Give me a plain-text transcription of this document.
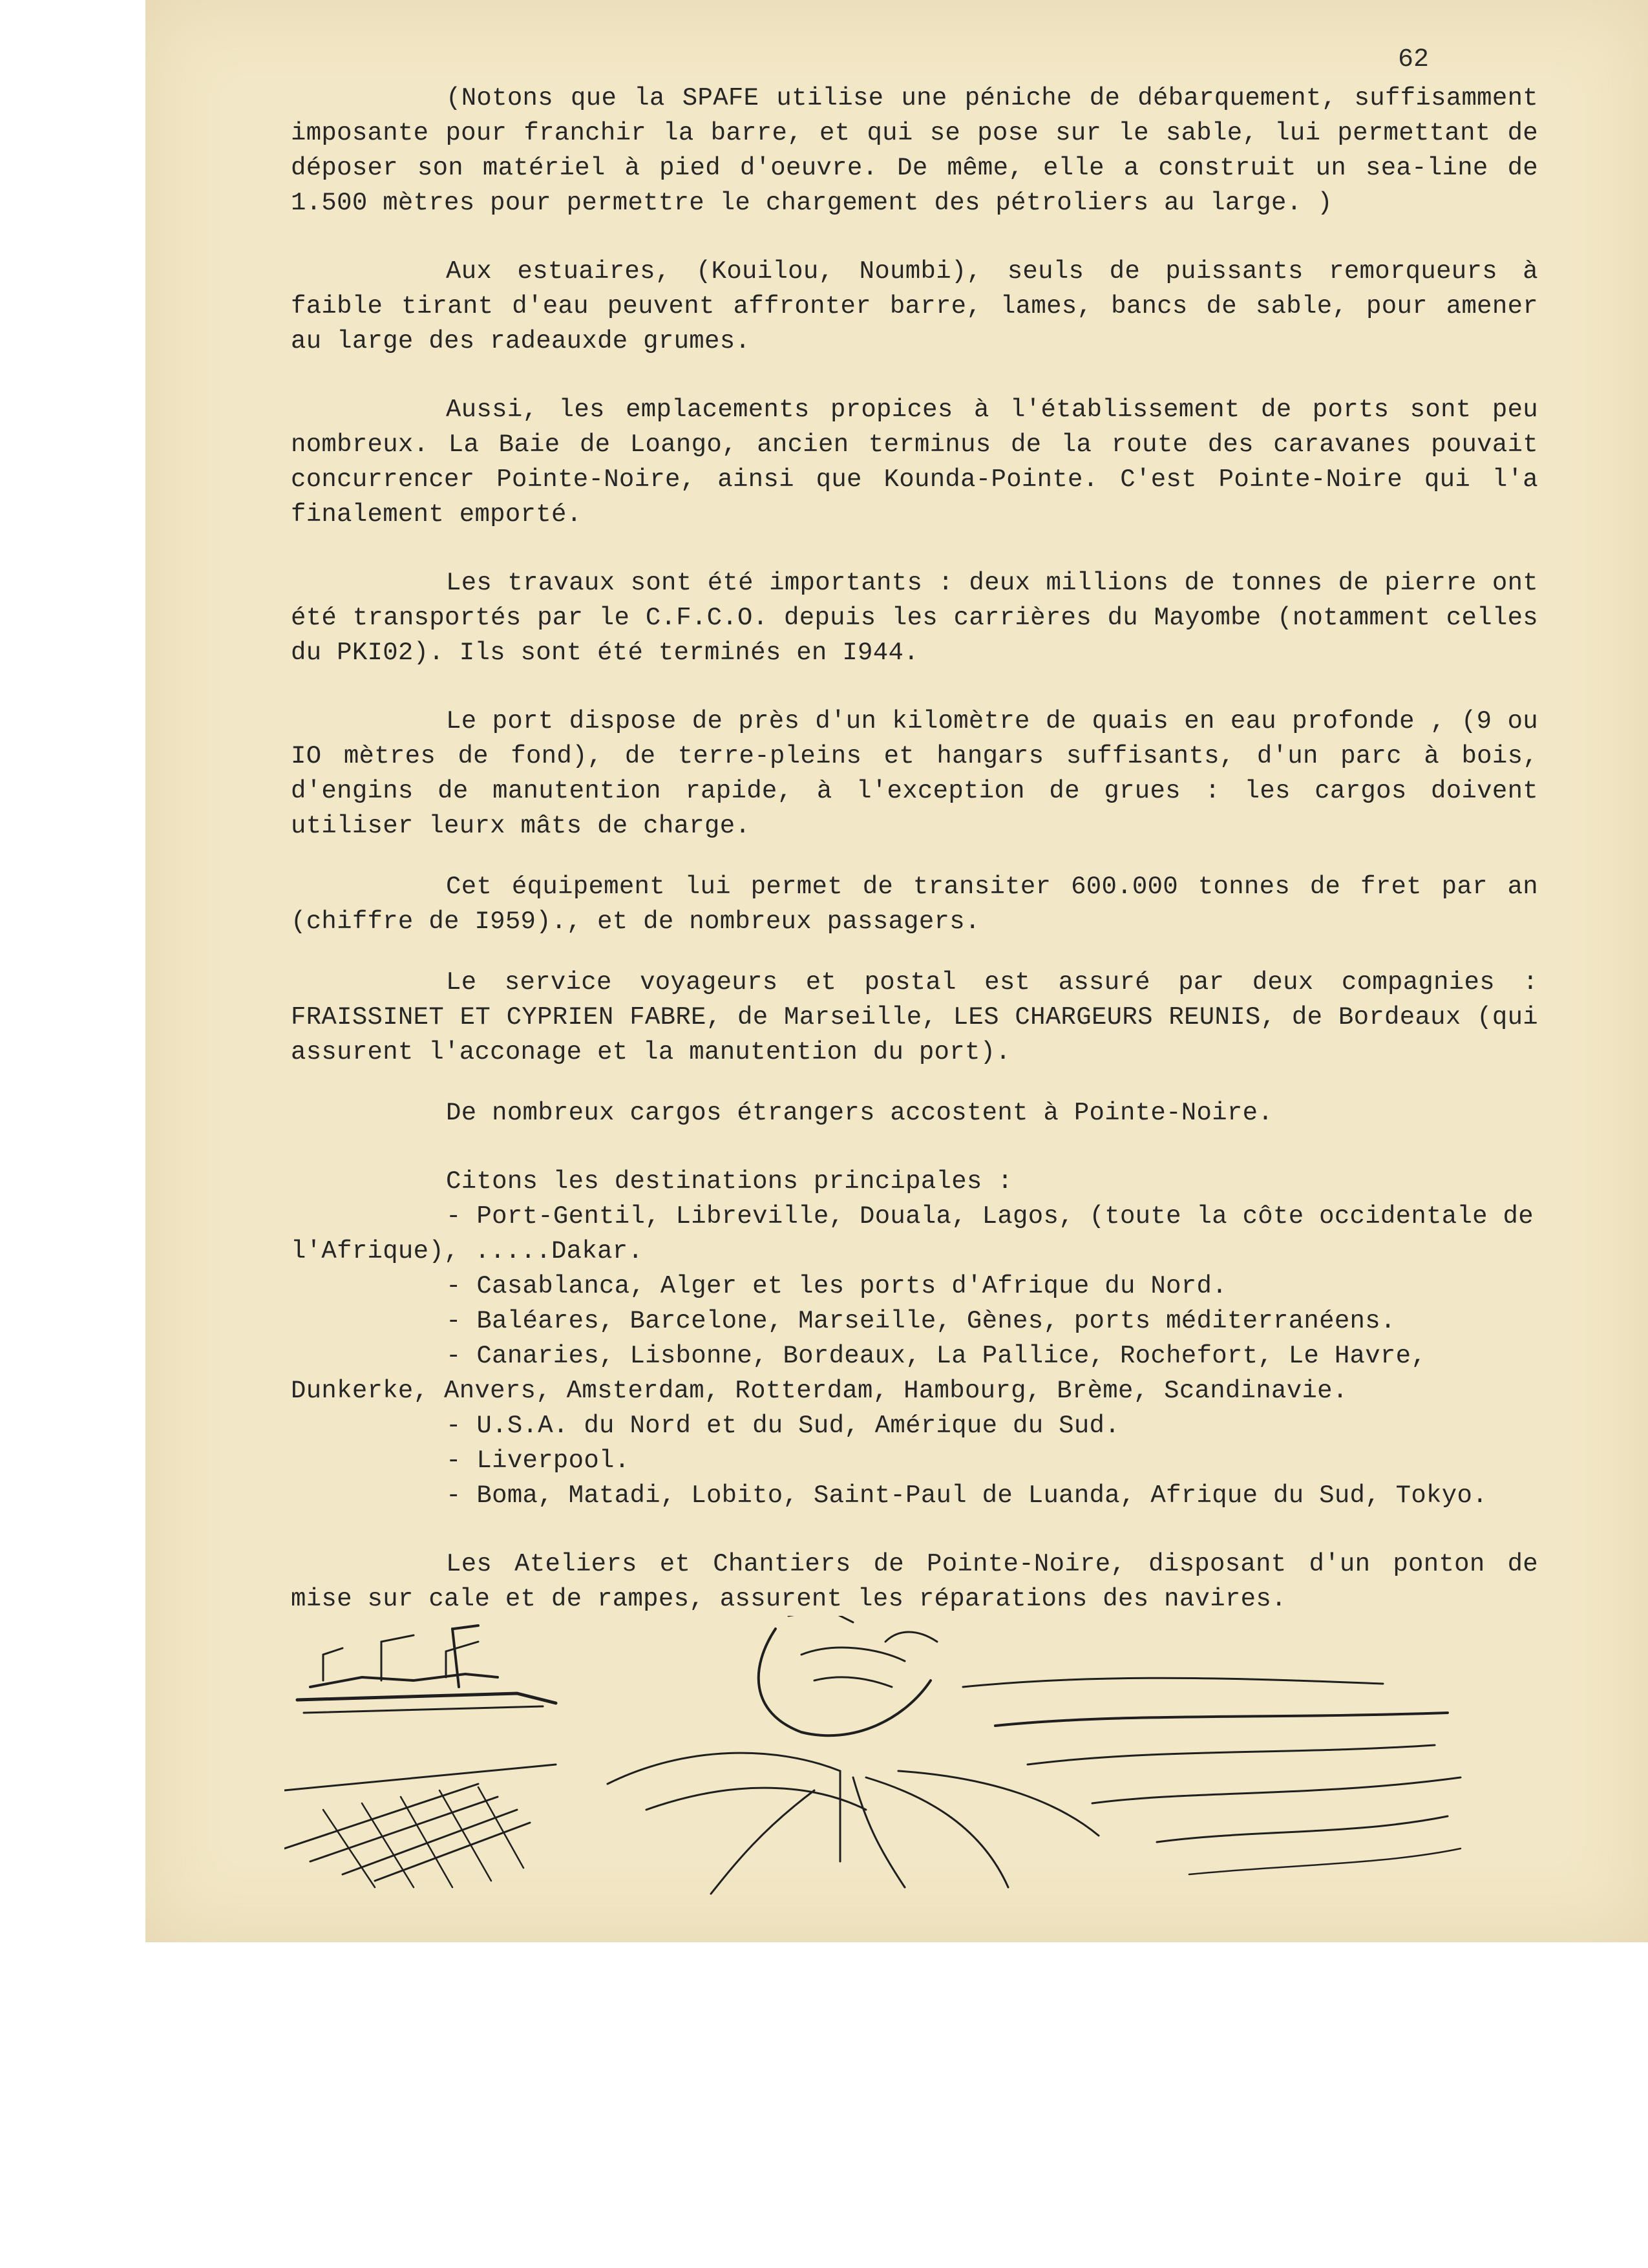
62

(Notons que la SPAFE utilise une péniche de débarquement, suffisamment imposante pour franchir la barre, et qui se pose sur le sable, lui permettant de déposer son matériel à pied d'oeuvre. De même, elle a construit un sea-line de 1.500 mètres pour permettre le chargement des pétroliers au large. )

Aux estuaires, (Kouilou, Noumbi), seuls de puissants remorqueurs à faible tirant d'eau peuvent affronter barre, lames, bancs de sable, pour amener au large des radeauxde grumes.

Aussi, les emplacements propices à l'établissement de ports sont peu nombreux. La Baie de Loango, ancien terminus de la route des caravanes pouvait concurrencer Pointe-Noire, ainsi que Kounda-Pointe. C'est Pointe-Noire qui l'a finalement emporté.

Les travaux sont été importants : deux millions de tonnes de pierre ont été transportés par le C.F.C.O. depuis les carrières du Mayombe (notamment celles du PKI02). Ils sont été terminés en I944.

Le port dispose de près d'un kilomètre de quais en eau profonde , (9 ou IO mètres de fond), de terre-pleins et hangars suffisants, d'un parc à bois, d'engins de manutention rapide, à l'exception de grues : les cargos doivent utiliser leurx mâts de charge.

Cet équipement lui permet de transiter 600.000 tonnes de fret par an (chiffre de I959)., et de nombreux passagers.

Le service voyageurs et postal est assuré par deux compagnies : FRAISSINET ET CYPRIEN FABRE, de Marseille, LES CHARGEURS REUNIS, de Bordeaux (qui assurent l'acconage et la manutention du port).

De nombreux cargos étrangers accostent à Pointe-Noire.

Citons les destinations principales :

- Port-Gentil, Libreville, Douala, Lagos, (toute la côte occidentale de l'Afrique), .....Dakar.
- Casablanca, Alger et les ports d'Afrique du Nord.
- Baléares, Barcelone, Marseille, Gènes, ports méditerranéens.
- Canaries, Lisbonne, Bordeaux, La Pallice, Rochefort, Le Havre, Dunkerke, Anvers, Amsterdam, Rotterdam, Hambourg, Brème, Scandinavie.
- U.S.A. du Nord et du Sud, Amérique du Sud.
- Liverpool.
- Boma, Matadi, Lobito, Saint-Paul de Luanda, Afrique du Sud, Tokyo.

Les Ateliers et Chantiers de Pointe-Noire, disposant d'un ponton de mise sur cale et de rampes, assurent les réparations des navires.
